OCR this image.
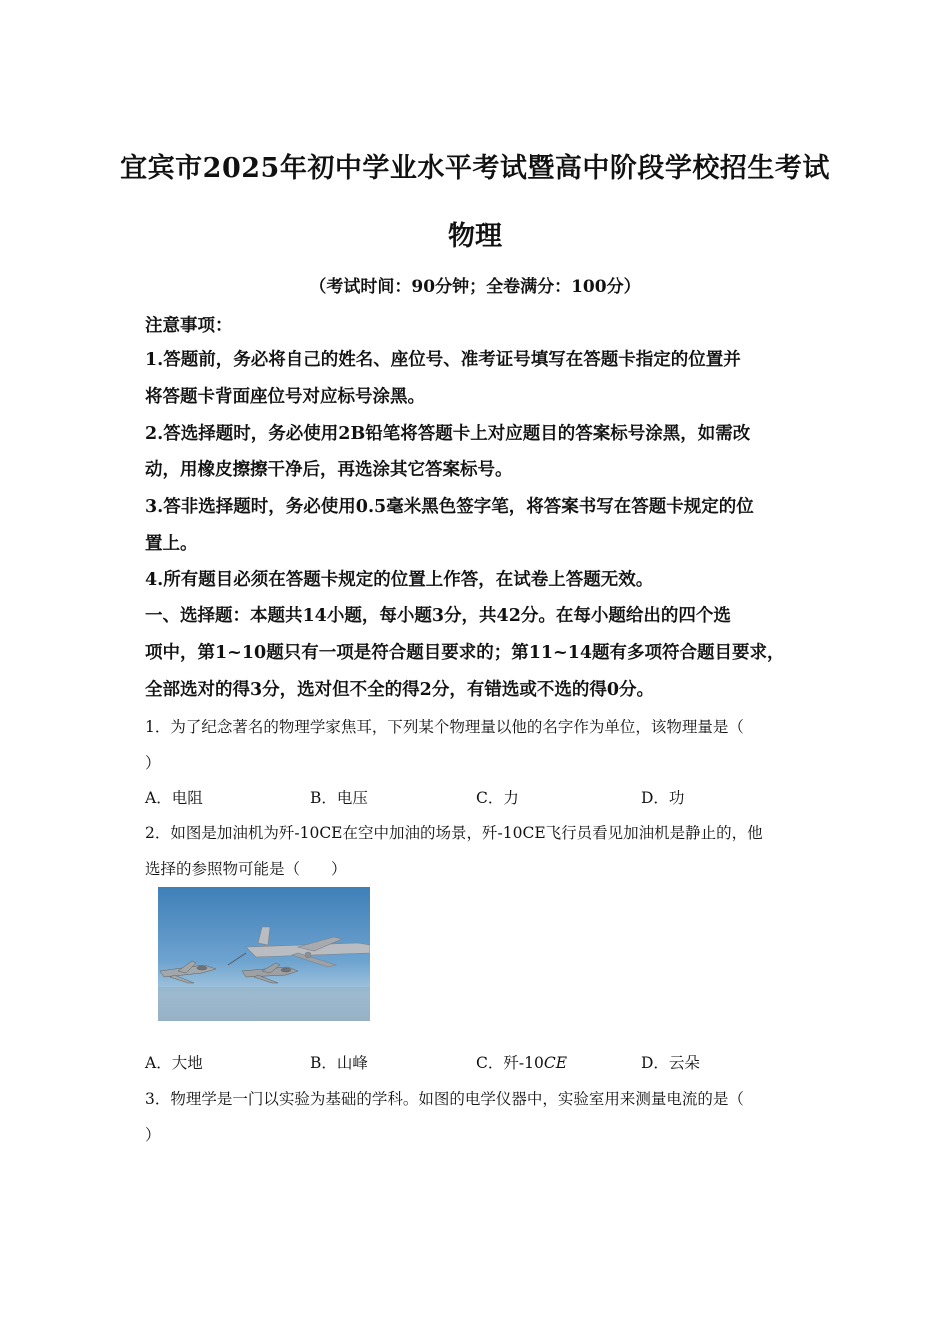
宜宾市2025年初中学业水平考试暨高中阶段学校招生考试
物理
（考试时间：90分钟；全卷满分：100分）
注意事项：
1.答题前，务必将自己的姓名、座位号、准考证号填写在答题卡指定的位置并
将答题卡背面座位号对应标号涂黑。
2.答选择题时，务必使用2B铅笔将答题卡上对应题目的答案标号涂黑，如需改
动，用橡皮擦擦干净后，再选涂其它答案标号。
3.答非选择题时，务必使用0.5毫米黑色签字笔，将答案书写在答题卡规定的位
置上。
4.所有题目必须在答题卡规定的位置上作答，在试卷上答题无效。
一、选择题：本题共14小题，每小题3分，共42分。在每小题给出的四个选
项中，第1~10题只有一项是符合题目要求的；第11~14题有多项符合题目要求，
全部选对的得3分，选对但不全的得2分，有错选或不选的得0分。
1．为了纪念著名的物理学家焦耳，下列某个物理量以他的名字作为单位，该物理量是（
）
A．电阻	B．电压	C．力	D．功
2．如图是加油机为歼-10CE在空中加油的场景，歼-10CE飞行员看见加油机是静止的，他
选择的参照物可能是（　　）
A．大地	B．山峰	C．歼-10CE	D．云朵
3．物理学是一门以实验为基础的学科。如图的电学仪器中，实验室用来测量电流的是（
）
